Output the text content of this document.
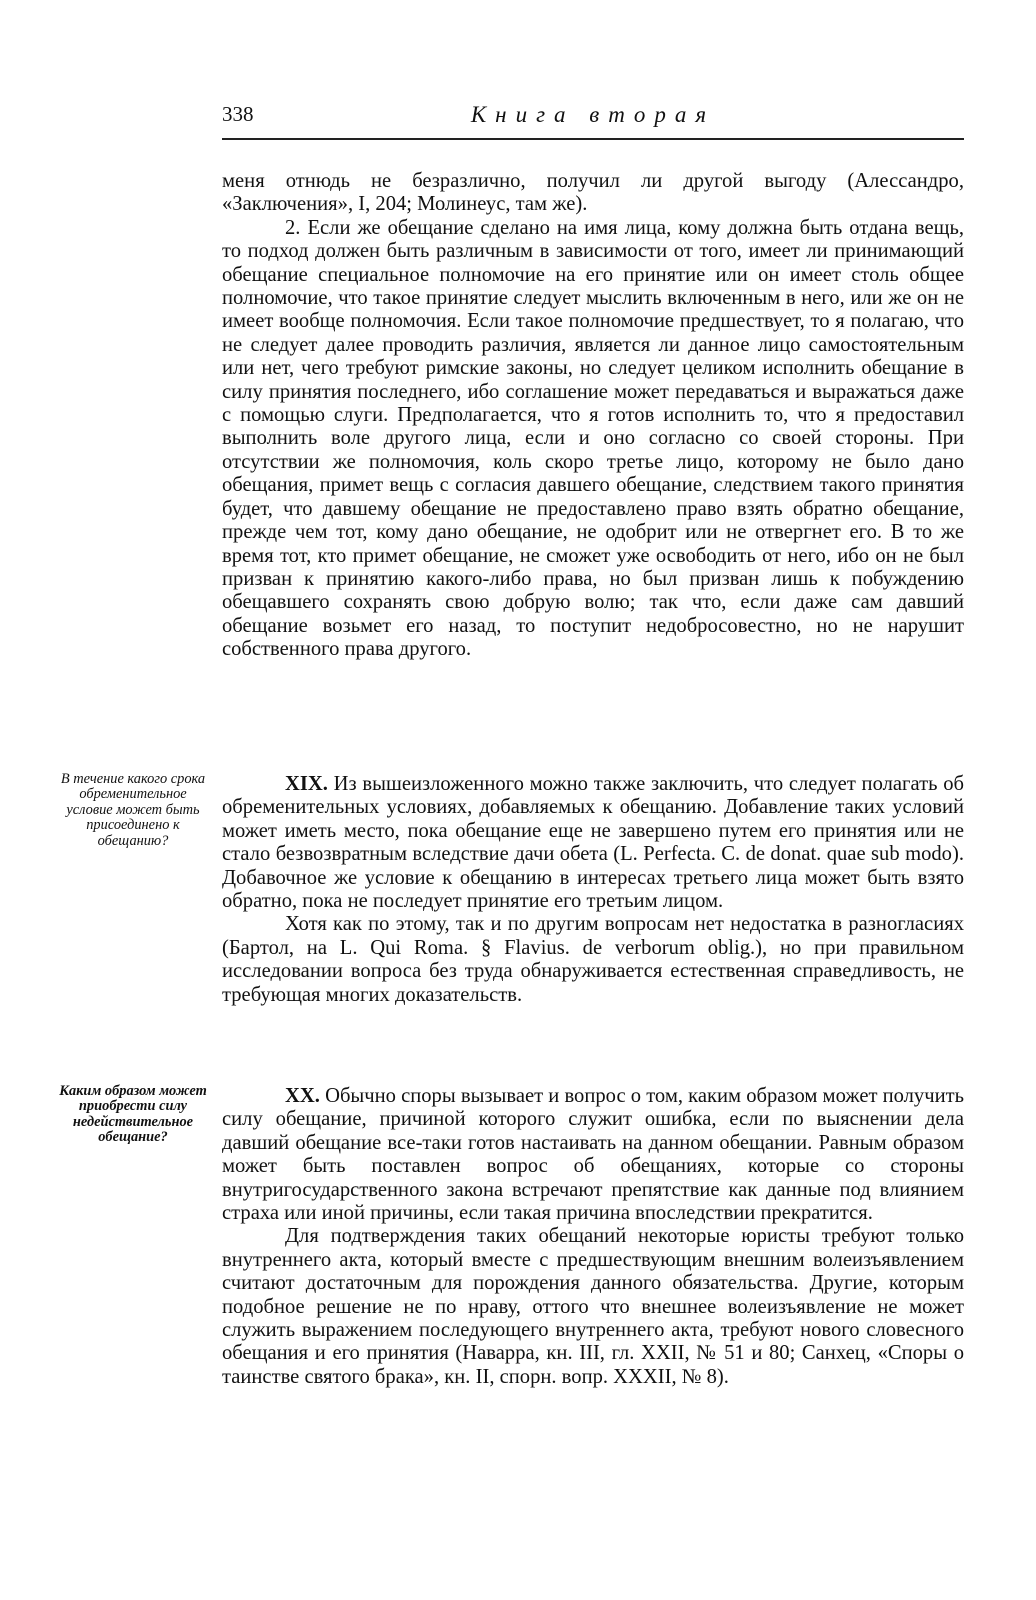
338	Книга вторая

меня отнюдь не безразлично, получил ли другой выгоду (Алессандро, «Заключения», I, 204; Молинеус, там же).

2. Если же обещание сделано на имя лица, кому должна быть отдана вещь, то подход должен быть различным в зависимости от того, имеет ли принимающий обещание специальное полномочие на его принятие или он имеет столь общее полномочие, что такое принятие следует мыслить включенным в него, или же он не имеет вообще полномочия. Если такое полномочие предшествует, то я полагаю, что не следует далее проводить различия, является ли данное лицо самостоятельным или нет, чего требуют римские законы, но следует целиком исполнить обещание в силу принятия последнего, ибо соглашение может передаваться и выражаться даже с помощью слуги. Предполагается, что я готов исполнить то, что я предоставил выполнить воле другого лица, если и оно согласно со своей стороны. При отсутствии же полномочия, коль скоро третье лицо, которому не было дано обещания, примет вещь с согласия давшего обещание, следствием такого принятия будет, что давшему обещание не предоставлено право взять обратно обещание, прежде чем тот, кому дано обещание, не одобрит или не отвергнет его. В то же время тот, кто примет обещание, не сможет уже освободить от него, ибо он не был призван к принятию какого-либо права, но был призван лишь к побуждению обещавшего сохранять свою добрую волю; так что, если даже сам давший обещание возьмет его назад, то поступит недобросовестно, но не нарушит собственного права другого.

В течение какого срока обременительное условие может быть присоединено к обещанию?

XIX. Из вышеизложенного можно также заключить, что следует полагать об обременительных условиях, добавляемых к обещанию. Добавление таких условий может иметь место, пока обещание еще не завершено путем его принятия или не стало безвозвратным вследствие дачи обета (L. Perfecta. C. de donat. quae sub modo). Добавочное же условие к обещанию в интересах третьего лица может быть взято обратно, пока не последует принятие его третьим лицом.

Хотя как по этому, так и по другим вопросам нет недостатка в разногласиях (Бартол, на L. Qui Roma. § Flavius. de verborum oblig.), но при правильном исследовании вопроса без труда обнаруживается естественная справедливость, не требующая многих доказательств.

Каким образом может приобрести силу недействительное обещание?

XX. Обычно споры вызывает и вопрос о том, каким образом может получить силу обещание, причиной которого служит ошибка, если по выяснении дела давший обещание все-таки готов настаивать на данном обещании. Равным образом может быть поставлен вопрос об обещаниях, которые со стороны внутригосударственного закона встречают препятствие как данные под влиянием страха или иной причины, если такая причина впоследствии прекратится.

Для подтверждения таких обещаний некоторые юристы требуют только внутреннего акта, который вместе с предшествующим внешним волеизъявлением считают достаточным для порождения данного обязательства. Другие, которым подобное решение не по нраву, оттого что внешнее волеизъявление не может служить выражением последующего внутреннего акта, требуют нового словесного обещания и его принятия (Наварра, кн. III, гл. XXII, № 51 и 80; Санхец, «Споры о таинстве святого брака», кн. II, спорн. вопр. XXXII, № 8).
